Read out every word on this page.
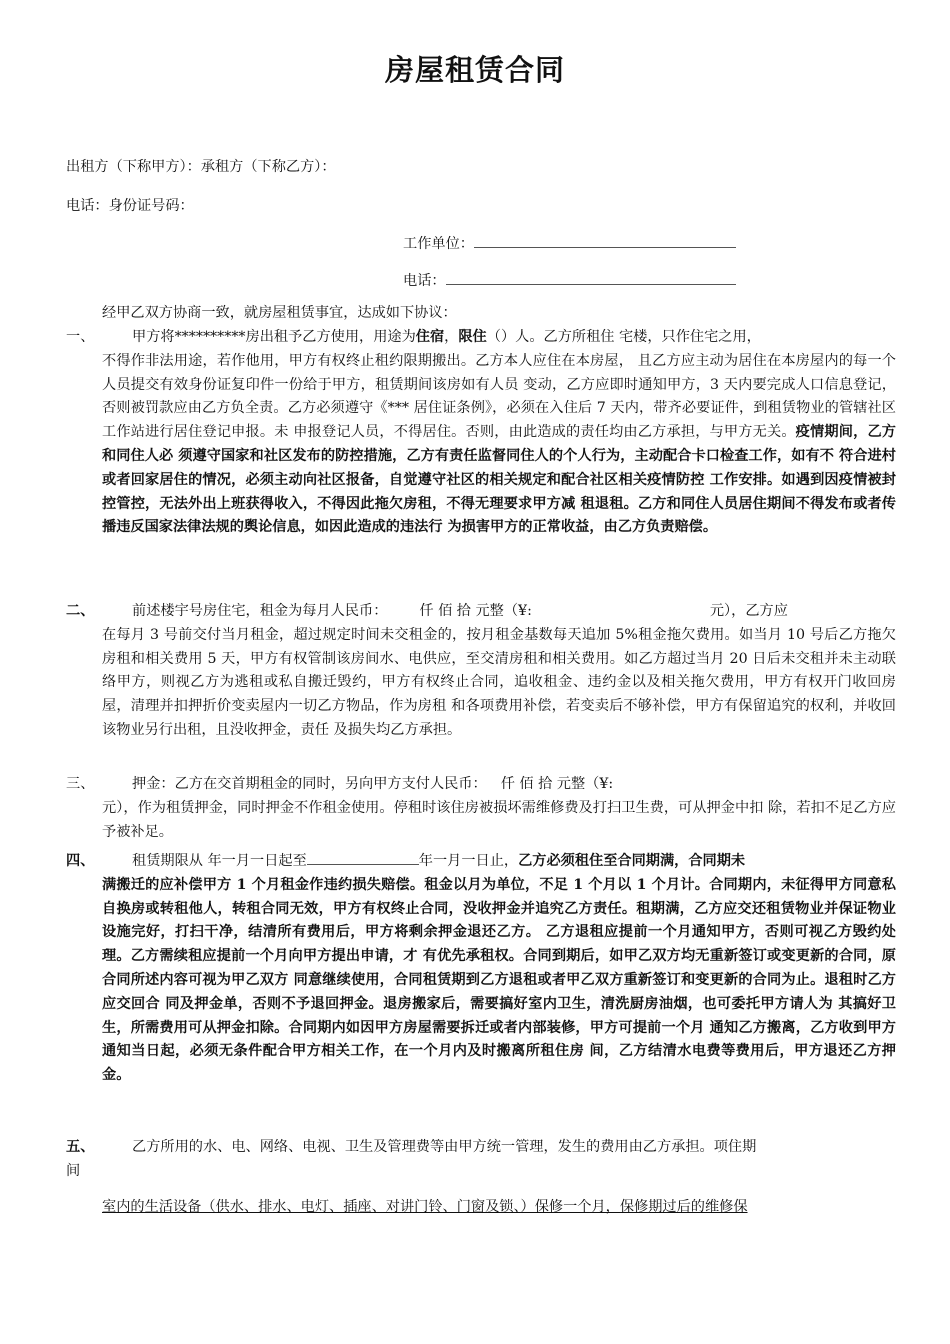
房屋租赁合同
出租方（下称甲方）：承租方（下称乙方）：
电话：身份证号码：
工作单位：
电话：
经甲乙双方协商一致，就房屋租赁事宜，达成如下协议：
一、	甲方将**********房出租予乙方使用，用途为住宿，限住（）人。乙方所租住 宅楼，只作住宅之用，
不得作非法用途，若作他用，甲方有权终止租约限期搬出。乙方本人应住在本房屋， 且乙方应主动为居住在本房屋内的每一个人员提交有效身份证复印件一份给于甲方，租赁期间该房如有人员 变动，乙方应即时通知甲方，3 天内要完成人口信息登记，否则被罚款应由乙方负全责。乙方必须遵守《*** 居住证条例》，必须在入住后 7 天内，带齐必要证件，到租赁物业的管辖社区工作站进行居住登记申报。未 申报登记人员，不得居住。否则，由此造成的责任均由乙方承担，与甲方无关。疫情期间，乙方和同住人必 须遵守国家和社区发布的防控措施，乙方有责任监督同住人的个人行为，主动配合卡口检查工作，如有不 符合进村或者回家居住的情况，必须主动向社区报备，自觉遵守社区的相关规定和配合社区相关疫情防控 工作安排。如遇到因疫情被封控管控，无法外出上班获得收入，不得因此拖欠房租，不得无理要求甲方减 租退租。乙方和同住人员居住期间不得发布或者传播违反国家法律法规的舆论信息，如因此造成的违法行 为损害甲方的正常收益，由乙方负责赔偿。
二、	前述楼宇号房住宅，租金为每月人民币： 仟 佰 拾 元整（¥:	元），乙方应
在每月 3 号前交付当月租金，超过规定时间未交租金的，按月租金基数每天追加 5%租金拖欠费用。如当月 10 号后乙方拖欠房租和相关费用 5 天，甲方有权管制该房间水、电供应，至交清房租和相关费用。如乙方超过当月 20 日后未交租并未主动联络甲方，则视乙方为逃租或私自搬迁毁约，甲方有权终止合同，追收租金、违约金以及相关拖欠费用，甲方有权开门收回房屋，清理并扣押折价变卖屋内一切乙方物品，作为房租 和各项费用补偿，若变卖后不够补偿，甲方有保留追究的权利，并收回该物业另行出租，且没收押金，责任 及损失均乙方承担。
三、	押金：乙方在交首期租金的同时，另向甲方支付人民币： 仟 佰 拾 元整（¥:
元），作为租赁押金，同时押金不作租金使用。停租时该住房被损坏需维修费及打扫卫生费，可从押金中扣 除，若扣不足乙方应予被补足。
四、	租赁期限从 年一月一日起至	年一月一日止，乙方必须租住至合同期满，合同期未
满搬迁的应补偿甲方 1 个月租金作违约损失赔偿。租金以月为单位，不足 1 个月以 1 个月计。合同期内，未征得甲方同意私自换房或转租他人，转租合同无效，甲方有权终止合同，没收押金并追究乙方责任。租期满，乙方应交还租赁物业并保证物业设施完好，打扫干净，结清所有费用后，甲方将剩余押金退还乙方。 乙方退租应提前一个月通知甲方，否则可视乙方毁约处理。乙方需续租应提前一个月向甲方提出申请，才 有优先承租权。合同到期后，如甲乙双方均无重新签订或变更新的合同，原合同所述内容可视为甲乙双方 同意继续使用，合同租赁期到乙方退租或者甲乙双方重新签订和变更新的合同为止。退租时乙方应交回合 同及押金单，否则不予退回押金。退房搬家后，需要搞好室内卫生，清洗厨房油烟，也可委托甲方请人为 其搞好卫生，所需费用可从押金扣除。合同期内如因甲方房屋需要拆迁或者内部装修，甲方可提前一个月 通知乙方搬离，乙方收到甲方通知当日起，必须无条件配合甲方相关工作，在一个月内及时搬离所租住房 间，乙方结清水电费等费用后，甲方退还乙方押金。
五、	乙方所用的水、电、网络、电视、卫生及管理费等由甲方统一管理，发生的费用由乙方承担。项住期
间
室内的生活设备（供水、排水、电灯、插座、对讲门铃、门窗及锁、）保修一个月，保修期过后的维修保
